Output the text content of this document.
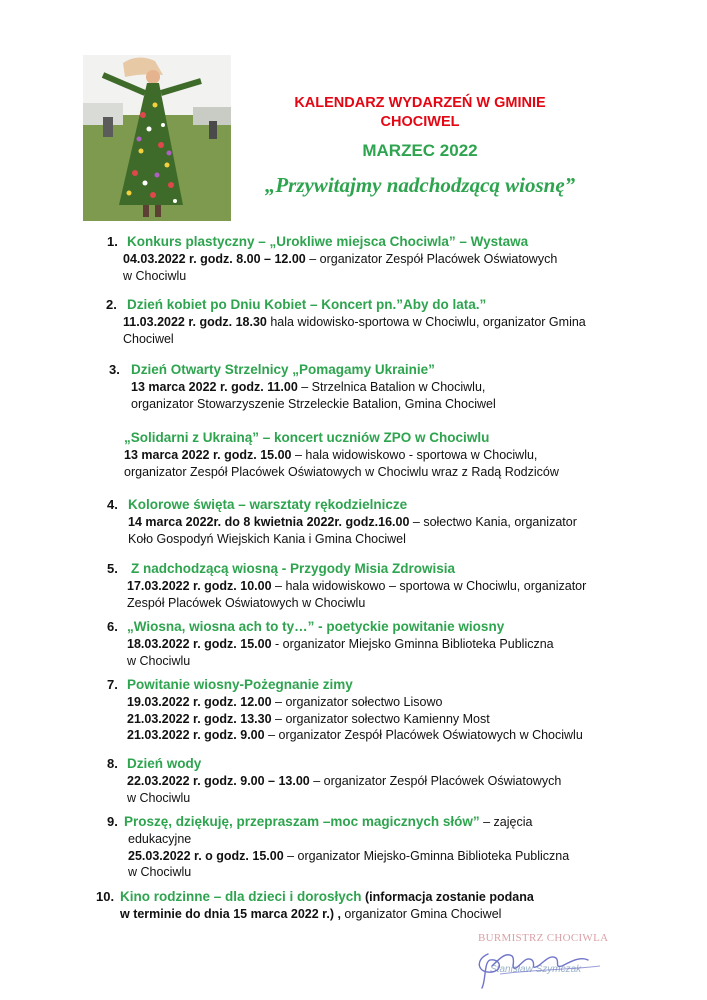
KALENDARZ WYDARZEŃ W GMINIE
CHOCIWEL
MARZEC 2022
„Przywitajmy nadchodzącą wiosnę”
1. Konkurs plastyczny – „Urokliwe miejsca Chociwla” – Wystawa
04.03.2022 r. godz. 8.00 – 12.00 – organizator Zespół Placówek Oświatowych
w Chociwlu
2. Dzień kobiet po Dniu Kobiet – Koncert pn.”Aby do lata.”
11.03.2022 r. godz. 18.30 hala widowisko-sportowa w Chociwlu, organizator Gmina
Chociwel
3. Dzień Otwarty Strzelnicy „Pomagamy Ukrainie”
13 marca 2022 r. godz. 11.00 – Strzelnica Batalion w Chociwlu,
organizator Stowarzyszenie Strzeleckie Batalion, Gmina Chociwel
„Solidarni z Ukrainą” – koncert uczniów ZPO w Chociwlu
13 marca 2022 r. godz. 15.00 – hala widowiskowo - sportowa w Chociwlu,
organizator Zespół Placówek Oświatowych w Chociwlu wraz z Radą Rodziców
4. Kolorowe święta – warsztaty rękodzielnicze
14 marca 2022r. do 8 kwietnia 2022r. godz.16.00 – sołectwo Kania, organizator
Koło Gospodyń Wiejskich Kania i Gmina Chociwel
5. Z nadchodzącą wiosną - Przygody Misia Zdrowisia
17.03.2022 r. godz. 10.00 – hala widowiskowo – sportowa w Chociwlu, organizator
Zespół Placówek Oświatowych w Chociwlu
6. „Wiosna, wiosna ach to ty…” - poetyckie powitanie wiosny
18.03.2022 r. godz. 15.00 - organizator Miejsko Gminna Biblioteka Publiczna
w Chociwlu
7. Powitanie wiosny-Pożegnanie zimy
19.03.2022 r. godz. 12.00 – organizator sołectwo Lisowo
21.03.2022 r. godz. 13.30 – organizator sołectwo Kamienny Most
21.03.2022 r. godz. 9.00 – organizator Zespół Placówek Oświatowych w Chociwlu
8. Dzień wody
22.03.2022 r. godz. 9.00 – 13.00 – organizator Zespół Placówek Oświatowych
w Chociwlu
9. Proszę, dziękuję, przepraszam –moc magicznych słów” – zajęcia
edukacyjne
25.03.2022 r. o godz. 15.00 – organizator Miejsko-Gminna Biblioteka Publiczna
w Chociwlu
10. Kino rodzinne – dla dzieci i dorosłych (informacja zostanie podana
w terminie do dnia 15 marca 2022 r.) , organizator Gmina Chociwel
BURMISTRZ CHOCIWLA
Stanisław Szymczak
